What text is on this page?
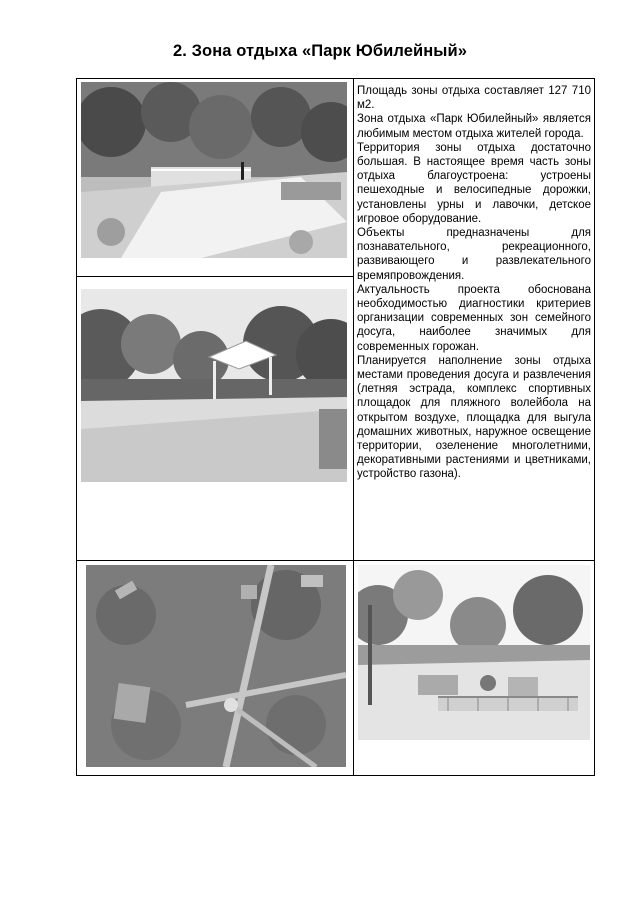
2. Зона отдыха «Парк Юбилейный»

Площадь зоны отдыха составляет 127 710 м2.

Зона отдыха «Парк Юбилейный» является любимым местом отдыха жителей города.

Территория зоны отдыха достаточно большая. В настоящее время часть зоны отдыха благоустроена: устроены пешеходные и велосипедные дорожки, установлены урны и лавочки, детское игровое оборудование.

Объекты предназначены для познавательного, рекреационного, развивающего и развлекательного времяпровождения.

Актуальность проекта обоснована необходимостью диагностики критериев организации современных зон семейного досуга, наиболее значимых для современных горожан.

Планируется наполнение зоны отдыха местами проведения досуга и развлечения (летняя эстрада, комплекс спортивных площадок для пляжного волейбола на открытом воздухе, площадка для выгула домашних животных, наружное освещение территории, озеленение многолетними, декоративными растениями и цветниками, устройство газона).
